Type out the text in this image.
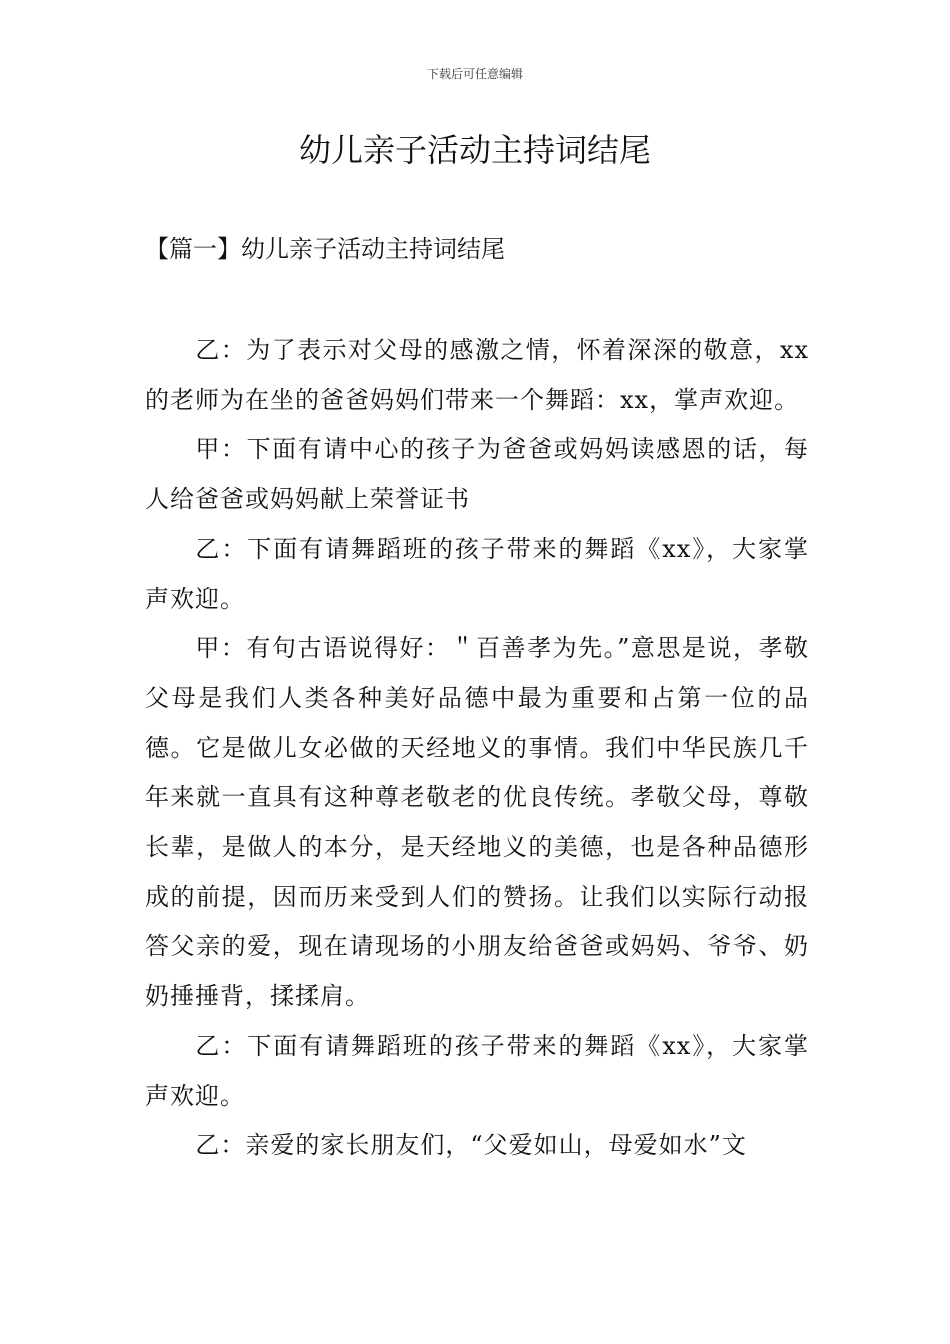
下载后可任意编辑
幼儿亲子活动主持词结尾
【篇一】幼儿亲子活动主持词结尾

乙：为了表示对父母的感激之情，怀着深深的敬意，xx的老师为在坐的爸爸妈妈们带来一个舞蹈：xx，掌声欢迎。

甲：下面有请中心的孩子为爸爸或妈妈读感恩的话，每人给爸爸或妈妈献上荣誉证书

乙：下面有请舞蹈班的孩子带来的舞蹈《xx》，大家掌声欢迎。

甲：有句古语说得好：＂百善孝为先。”意思是说，孝敬父母是我们人类各种美好品德中最为重要和占第一位的品德。它是做儿女必做的天经地义的事情。我们中华民族几千年来就一直具有这种尊老敬老的优良传统。孝敬父母，尊敬长辈，是做人的本分，是天经地义的美德，也是各种品德形成的前提，因而历来受到人们的赞扬。让我们以实际行动报答父亲的爱，现在请现场的小朋友给爸爸或妈妈、爷爷、奶奶捶捶背，揉揉肩。

乙：下面有请舞蹈班的孩子带来的舞蹈《xx》，大家掌声欢迎。

乙：亲爱的家长朋友们，“父爱如山，母爱如水”文
